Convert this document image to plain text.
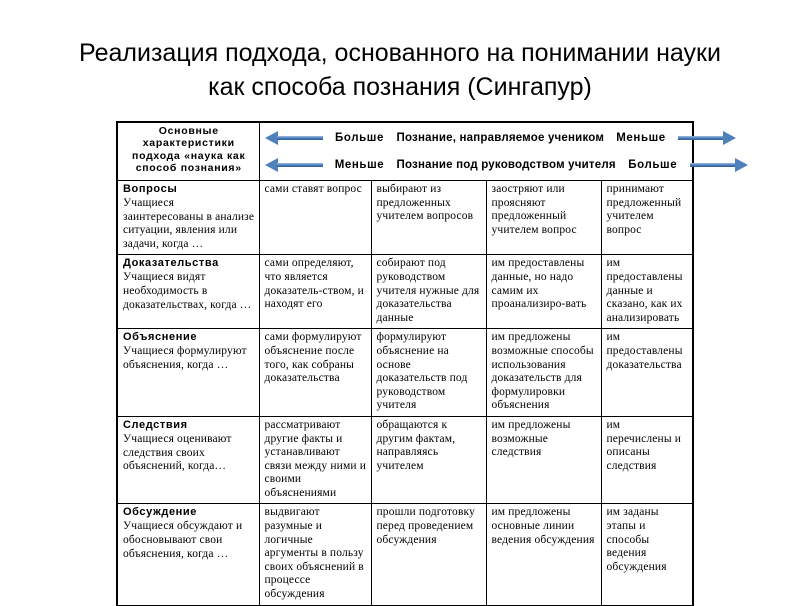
Реализация подхода, основанного на понимании науки
как способа познания (Сингапур)
Основные характеристики подхода «наука как способ познания»

Больше	Познание, направляемое учеником	Меньше
Меньше	Познание под руководством учителя	Больше

Вопросы
Учащиеся заинтересованы в анализе ситуации, явления или задачи, когда …	сами ставят вопрос	выбирают из предложенных учителем вопросов	заостряют или проясняют предложенный учителем вопрос	принимают предложенный учителем вопрос

Доказательства
Учащиеся видят необходимость в доказательствах, когда …	сами определяют, что является доказатель-ством, и находят его	собирают под руководством учителя нужные для доказательства данные	им предоставлены данные, но надо самим их проанализиро-вать	им предоставлены данные и сказано, как их анализировать

Объяснение
Учащиеся формулируют объяснения, когда …	сами формулируют объяснение после того, как собраны доказательства	формулируют объяснение на основе доказательств под руководством учителя	им предложены возможные способы использования доказательств для формулировки объяснения	им предоставлены доказательства

Следствия
Учащиеся оценивают следствия своих объяснений, когда…	рассматривают другие факты и устанавливают связи между ними и своими объяснениями	обращаются к другим фактам, направляясь учителем	им предложены возможные следствия	им перечислены и описаны следствия

Обсуждение
Учащиеся обсуждают и обосновывают свои объяснения, когда …	выдвигают разумные и логичные аргументы в пользу своих объяснений в процессе обсуждения	прошли подготовку перед проведением обсуждения	им предложены основные линии ведения обсуждения	им заданы этапы и способы ведения обсуждения
